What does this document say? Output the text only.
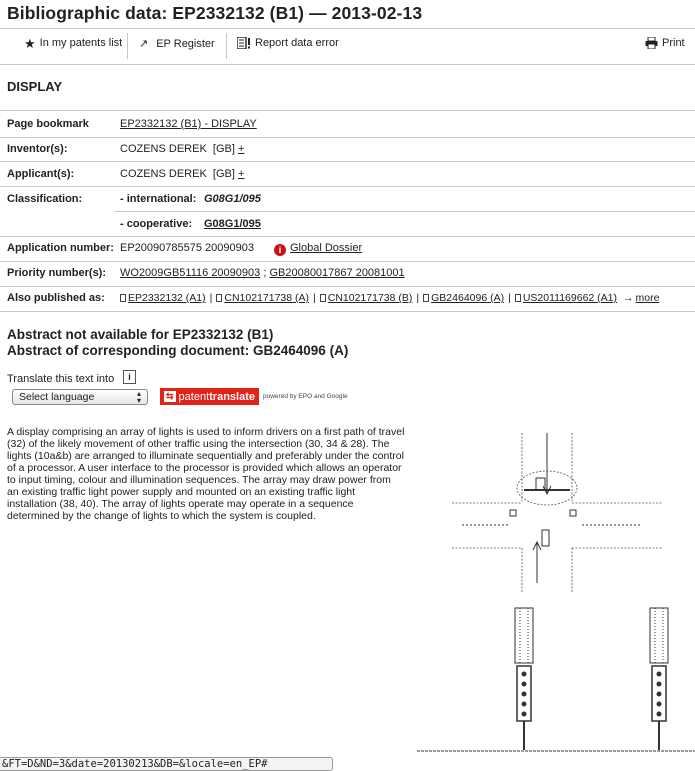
Bibliographic data: EP2332132 (B1) — 2013-02-13
★ In my patents list ↗ EP Register	Report data error	Print
DISPLAY
Page bookmark	EP2332132 (B1) - DISPLAY
Inventor(s):	COZENS DEREK [GB] +
Applicant(s):	COZENS DEREK [GB] +
Classification:	- international: G08G1/095
- cooperative: G08G1/095
Application number: EP20090785575 20090903	i Global Dossier
Priority number(s): WO2009GB51116 20090903 ; GB20080017867 20081001
Also published as: EP2332132 (A1) | CN102171738 (A) | CN102171738 (B) | GB2464096 (A) | US2011169662 (A1) → more
Abstract not available for EP2332132 (B1)
Abstract of corresponding document: GB2464096 (A)
Translate this text into	i
Select language	▴
▾	⇆ patent translate powered by EPO and Google

A display comprising an array of lights is used to inform drivers on a first path of travel (32) of the likely movement of other traffic using the intersection (30, 34 & 28). The lights (10a&b) are arranged to illuminate sequentially and preferably under the control of a processor. A user interface to the processor is provided which allows an operator to input timing, colour and illumination sequences. The array may draw power from an existing traffic light power supply and mounted on an existing traffic light installation (38, 40). The array of lights operate may operate in a sequence determined by the change of lights to which the system is coupled.

&FT=D&ND=3&date=20130213&DB=&locale=en_EP#
